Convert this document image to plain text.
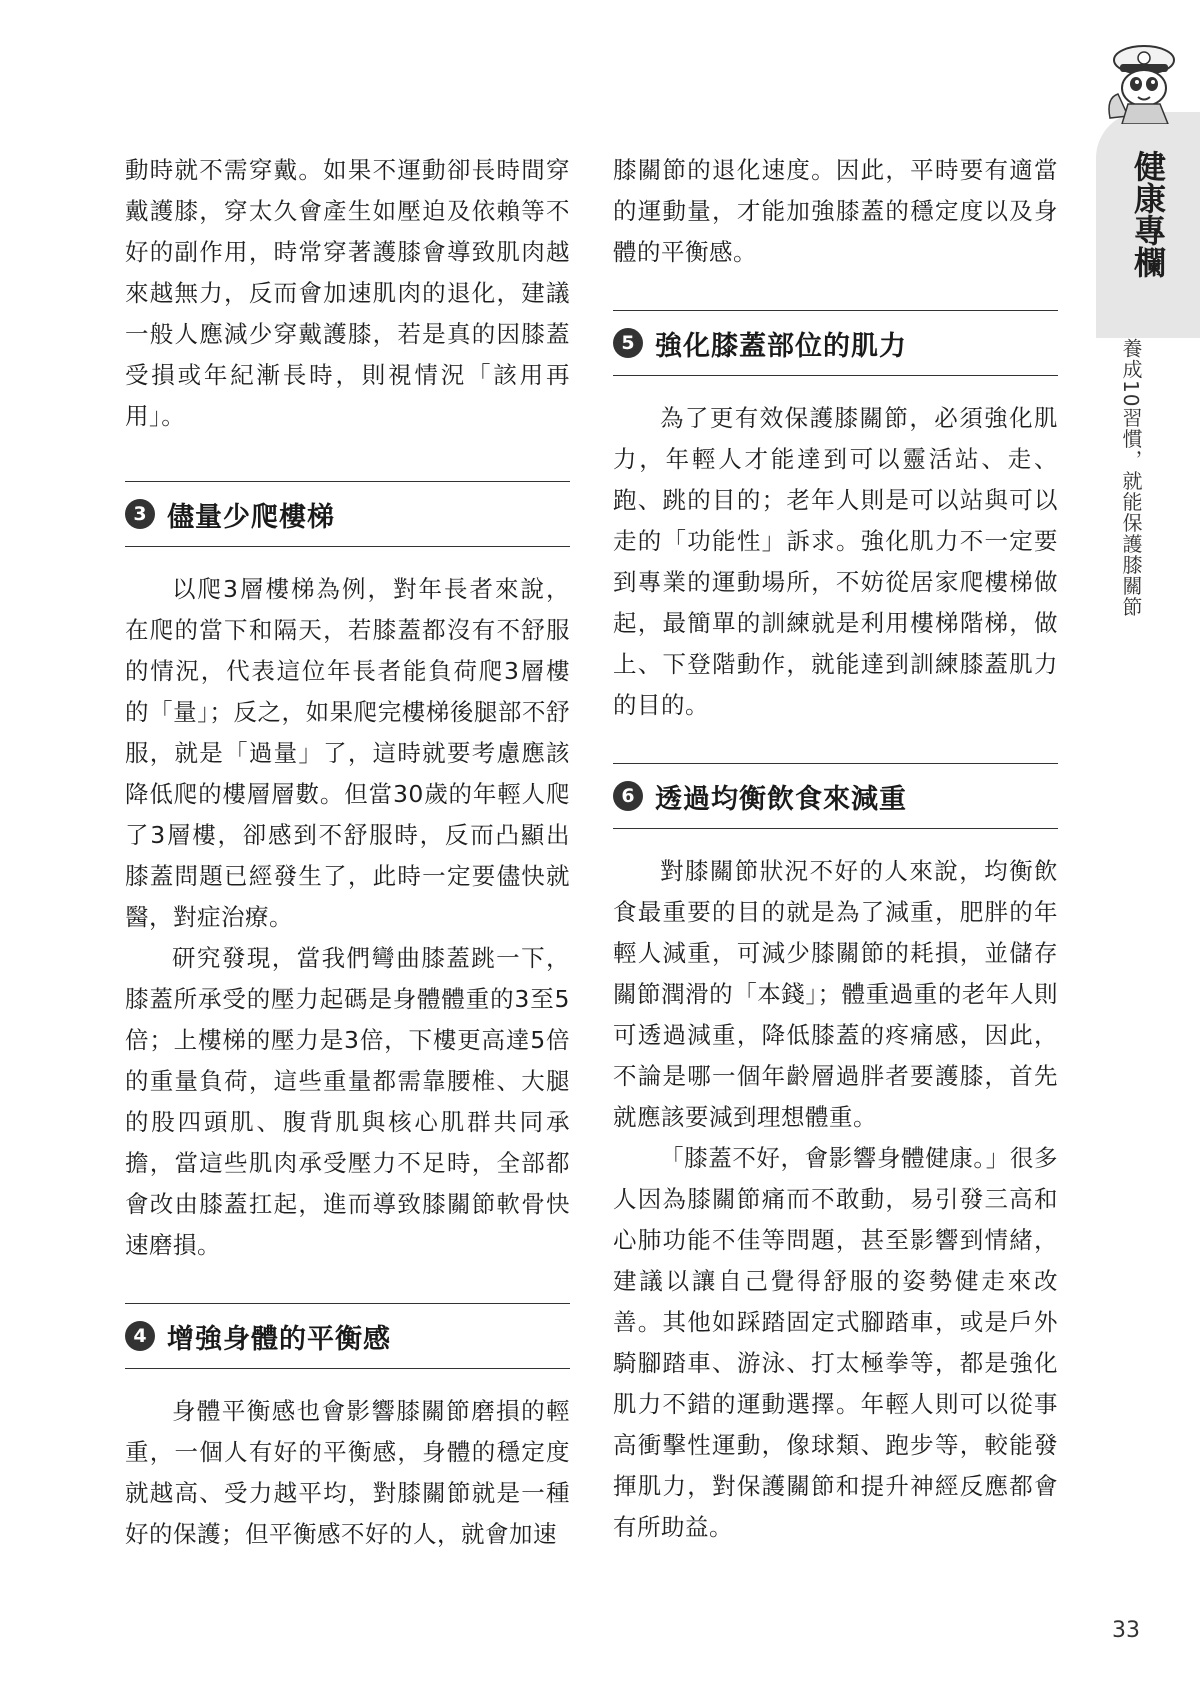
健康專欄
養成10習慣，就能保護膝關節

動時就不需穿戴。如果不運動卻長時間穿戴護膝，穿太久會產生如壓迫及依賴等不好的副作用，時常穿著護膝會導致肌肉越來越無力，反而會加速肌肉的退化，建議一般人應減少穿戴護膝，若是真的因膝蓋受損或年紀漸長時，則視情況「該用再用」。

3 儘量少爬樓梯

以爬3層樓梯為例，對年長者來說，在爬的當下和隔天，若膝蓋都沒有不舒服的情況，代表這位年長者能負荷爬3層樓的「量」；反之，如果爬完樓梯後腿部不舒服，就是「過量」了，這時就要考慮應該降低爬的樓層層數。但當30歲的年輕人爬了3層樓，卻感到不舒服時，反而凸顯出膝蓋問題已經發生了，此時一定要儘快就醫，對症治療。

研究發現，當我們彎曲膝蓋跳一下，膝蓋所承受的壓力起碼是身體體重的3至5倍；上樓梯的壓力是3倍，下樓更高達5倍的重量負荷，這些重量都需靠腰椎、大腿的股四頭肌、腹背肌與核心肌群共同承擔，當這些肌肉承受壓力不足時，全部都會改由膝蓋扛起，進而導致膝關節軟骨快速磨損。

4 增強身體的平衡感

身體平衡感也會影響膝關節磨損的輕重，一個人有好的平衡感，身體的穩定度就越高、受力越平均，對膝關節就是一種好的保護；但平衡感不好的人，就會加速

膝關節的退化速度。因此，平時要有適當的運動量，才能加強膝蓋的穩定度以及身體的平衡感。

5 強化膝蓋部位的肌力

為了更有效保護膝關節，必須強化肌力，年輕人才能達到可以靈活站、走、跑、跳的目的；老年人則是可以站與可以走的「功能性」訴求。強化肌力不一定要到專業的運動場所，不妨從居家爬樓梯做起，最簡單的訓練就是利用樓梯階梯，做上、下登階動作，就能達到訓練膝蓋肌力的目的。

6 透過均衡飲食來減重

對膝關節狀況不好的人來說，均衡飲食最重要的目的就是為了減重，肥胖的年輕人減重，可減少膝關節的耗損，並儲存關節潤滑的「本錢」；體重過重的老年人則可透過減重，降低膝蓋的疼痛感，因此，不論是哪一個年齡層過胖者要護膝，首先就應該要減到理想體重。

「膝蓋不好，會影響身體健康。」很多人因為膝關節痛而不敢動，易引發三高和心肺功能不佳等問題，甚至影響到情緒，建議以讓自己覺得舒服的姿勢健走來改善。其他如踩踏固定式腳踏車，或是戶外騎腳踏車、游泳、打太極拳等，都是強化肌力不錯的運動選擇。年輕人則可以從事高衝擊性運動，像球類、跑步等，較能發揮肌力，對保護關節和提升神經反應都會有所助益。

33
